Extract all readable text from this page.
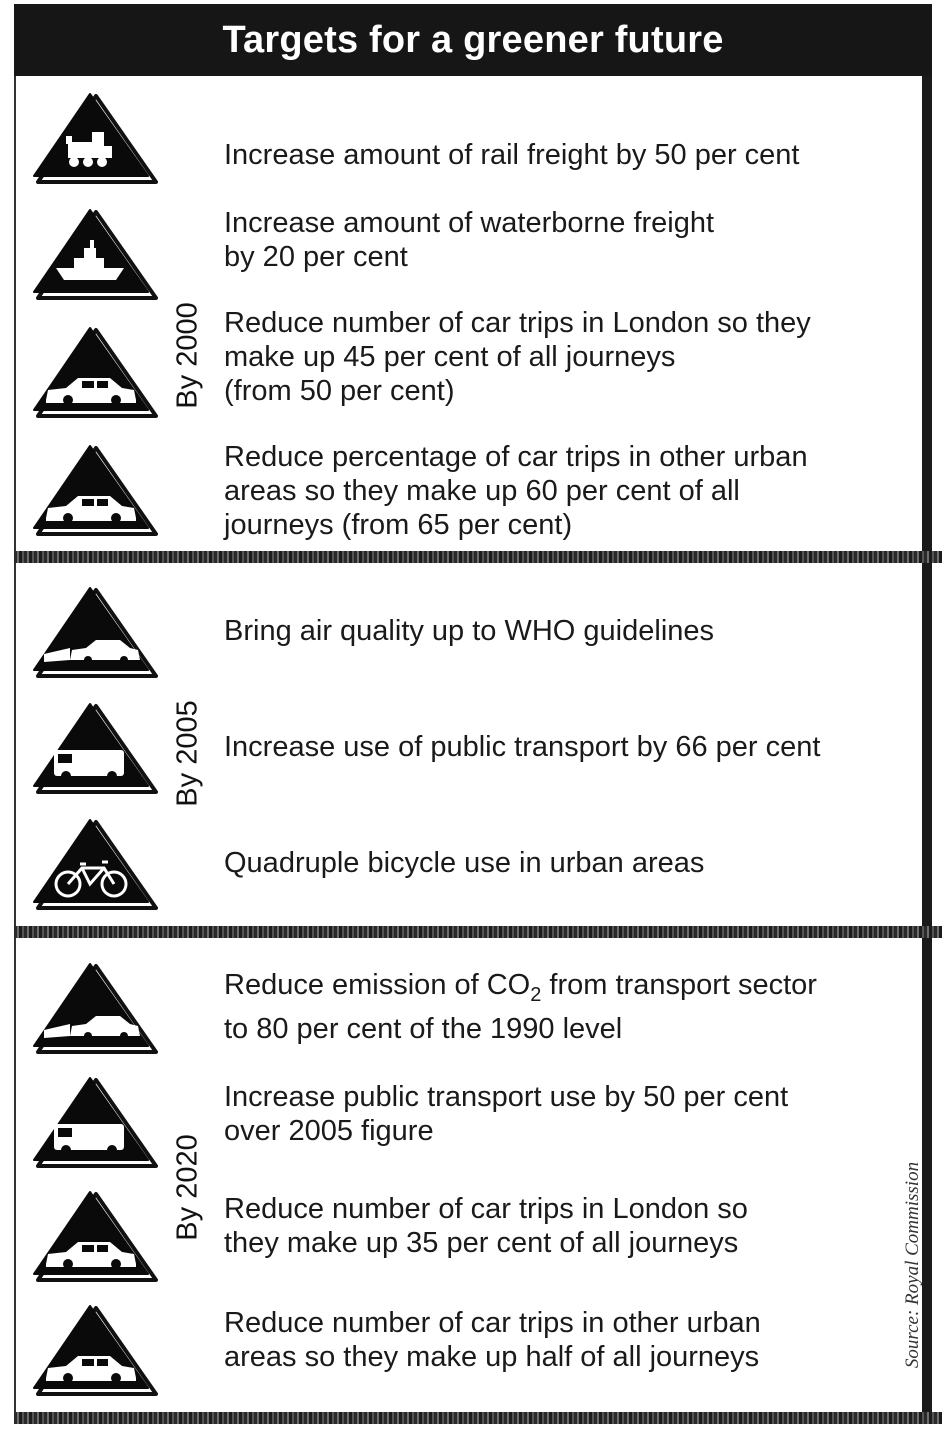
Targets for a greener future
By 2000
Increase amount of rail freight by 50 per cent
Increase amount of waterborne freight
by 20 per cent
Reduce number of car trips in London so they
make up 45 per cent of all journeys
(from 50 per cent)
Reduce percentage of car trips in other urban
areas so they make up 60 per cent of all
journeys (from 65 per cent)
By 2005
Bring air quality up to WHO guidelines
Increase use of public transport by 66 per cent
Quadruple bicycle use in urban areas
By 2020
Reduce emission of $CO_2$ from transport sector
to 80 per cent of the 1990 level
Increase public transport use by 50 per cent
over 2005 figure
Reduce number of car trips in London so
they make up 35 per cent of all journeys
Reduce number of car trips in other urban
areas so they make up half of all journeys	Source: Royal Commission
